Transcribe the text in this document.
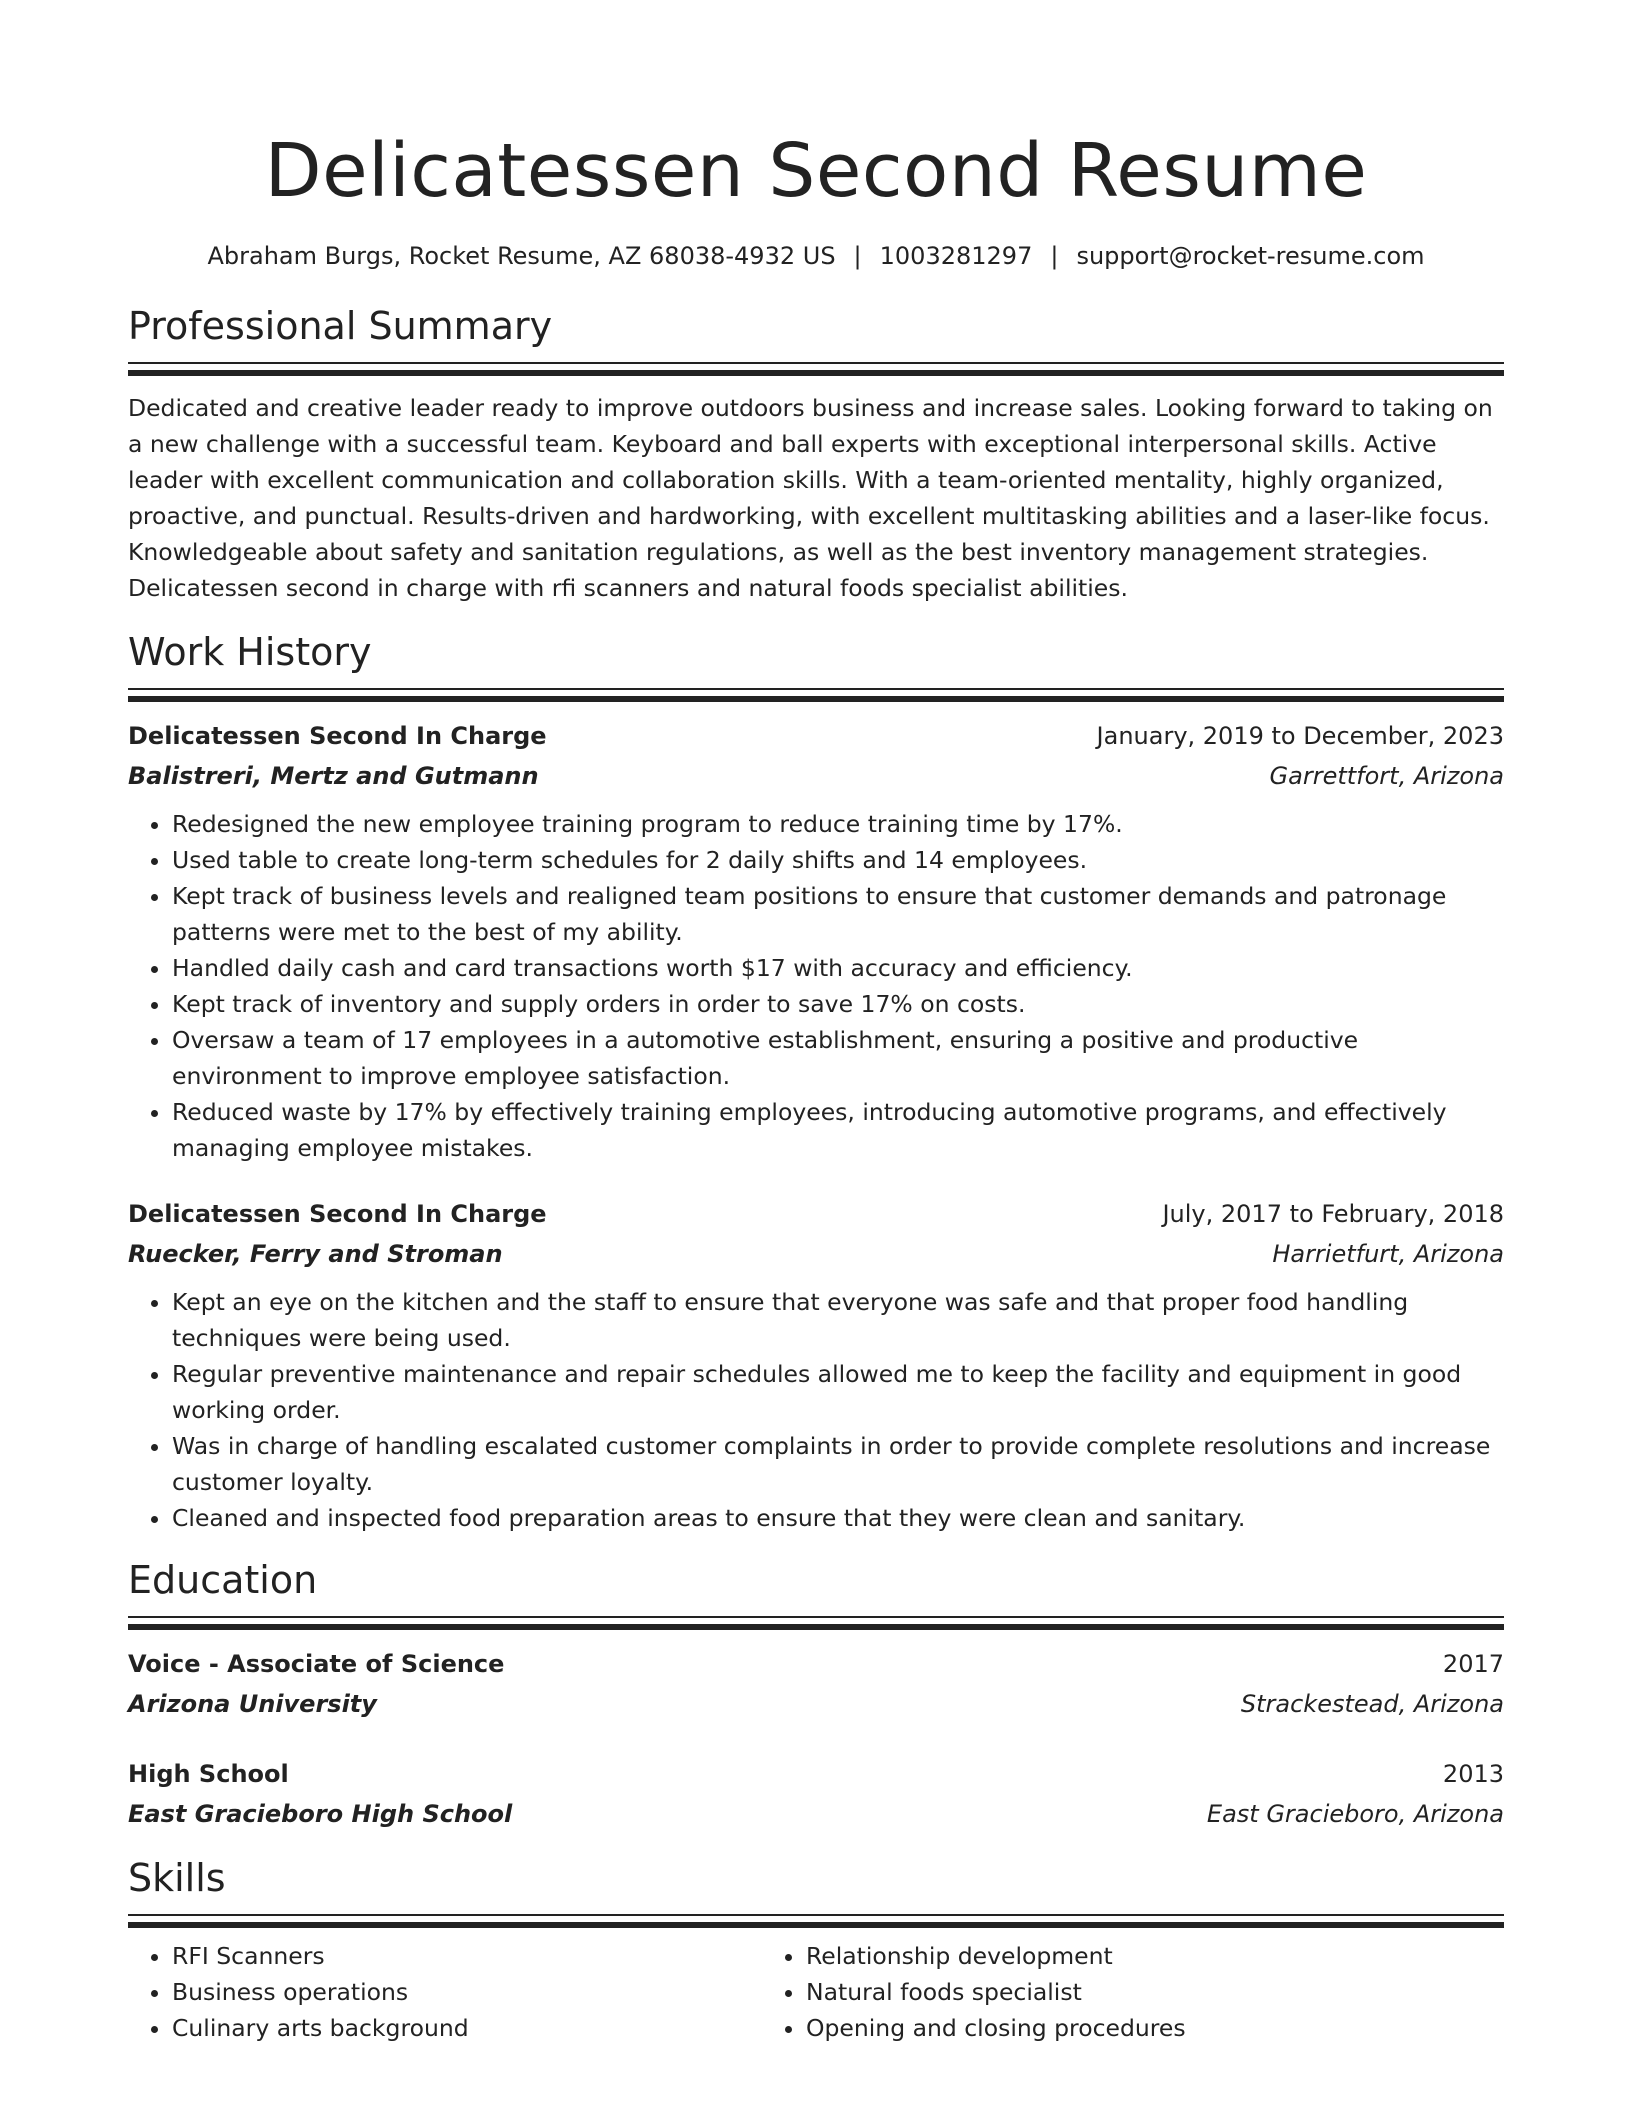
Delicatessen Second Resume
Abraham Burgs, Rocket Resume, AZ 68038-4932 US | 1003281297 | support@rocket-resume.com
Professional Summary
Dedicated and creative leader ready to improve outdoors business and increase sales. Looking forward to taking on a new challenge with a successful team. Keyboard and ball experts with exceptional interpersonal skills. Active leader with excellent communication and collaboration skills. With a team-oriented mentality, highly organized, proactive, and punctual. Results-driven and hardworking, with excellent multitasking abilities and a laser-like focus. Knowledgeable about safety and sanitation regulations, as well as the best inventory management strategies. Delicatessen second in charge with rfi scanners and natural foods specialist abilities.
Work History
Delicatessen Second In Charge	January, 2019 to December, 2023
Balistreri, Mertz and Gutmann	Garrettfort, Arizona
• Redesigned the new employee training program to reduce training time by 17%.
• Used table to create long-term schedules for 2 daily shifts and 14 employees.
• Kept track of business levels and realigned team positions to ensure that customer demands and patronage patterns were met to the best of my ability.
• Handled daily cash and card transactions worth $17 with accuracy and efficiency.
• Kept track of inventory and supply orders in order to save 17% on costs.
• Oversaw a team of 17 employees in a automotive establishment, ensuring a positive and productive environment to improve employee satisfaction.
• Reduced waste by 17% by effectively training employees, introducing automotive programs, and effectively managing employee mistakes.
Delicatessen Second In Charge	July, 2017 to February, 2018
Ruecker, Ferry and Stroman	Harrietfurt, Arizona
• Kept an eye on the kitchen and the staff to ensure that everyone was safe and that proper food handling techniques were being used.
• Regular preventive maintenance and repair schedules allowed me to keep the facility and equipment in good working order.
• Was in charge of handling escalated customer complaints in order to provide complete resolutions and increase customer loyalty.
• Cleaned and inspected food preparation areas to ensure that they were clean and sanitary.
Education
Voice - Associate of Science	2017
Arizona University	Strackestead, Arizona
High School	2013
East Gracieboro High School	East Gracieboro, Arizona
Skills
• RFI Scanners
• Business operations
• Culinary arts background
• Relationship development
• Natural foods specialist
• Opening and closing procedures
